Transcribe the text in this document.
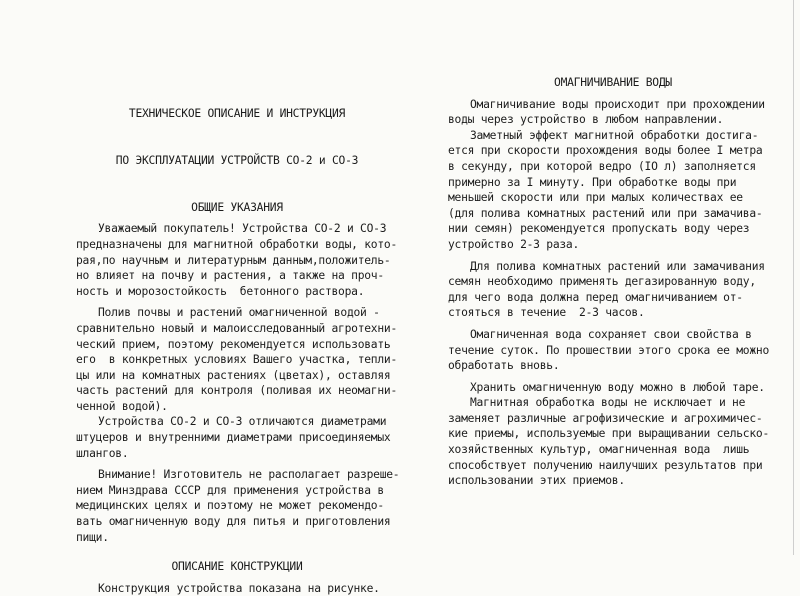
ТЕХНИЧЕСКОЕ ОПИСАНИЕ И ИНСТРУКЦИЯ

ПО ЭКСПЛУАТАЦИИ УСТРОЙСТВ СО-2 и СО-3

ОБЩИЕ УКАЗАНИЯ
Уважаемый покупатель! Устройства СО-2 и СО-3
предназначены для магнитной обработки воды, кото-
рая,по научным и литературным данным,положитель-
но влияет на почву и растения, а также на проч-
ность и морозостойкость  бетонного раствора.
Полив почвы и растений омагниченной водой -
сравнительно новый и малоисследованный агротехни-
ческий прием, поэтому рекомендуется использовать
его  в конкретных условиях Вашего участка, тепли-
цы или на комнатных растениях (цветах), оставляя
часть растений для контроля (поливая их неомагни-
ченной водой).
Устройства СО-2 и СО-3 отличаются диаметрами
штуцеров и внутренними диаметрами присоединяемых
шлангов.
Внимание! Изготовитель не располагает разреше-
нием Минздрава СССР для применения устройства в
медицинских целях и поэтому не может рекомендо-
вать омагниченную воду для питья и приготовления
пищи.
ОПИСАНИЕ КОНСТРУКЦИИ
Конструкция устройства показана на рисунке.
ОМАГНИЧИВАНИЕ ВОДЫ
Омагничивание воды происходит при прохождении
воды через устройство в любом направлении.
Заметный эффект магнитной обработки достига-
ется при скорости прохождения воды более I метра
в секунду, при которой ведро (IO л) заполняется
примерно за I минуту. При обработке воды при
меньшей скорости или при малых количествах ее
(для полива комнатных растений или при замачива-
нии семян) рекомендуется пропускать воду через
устройство 2-3 раза.
Для полива комнатных растений или замачивания
семян необходимо применять дегазированную воду,
для чего вода должна перед омагничиванием от-
стояться в течение  2-3 часов.
Омагниченная вода сохраняет свои свойства в
течение суток. По прошествии этого срока ее можно
обработать вновь.
Хранить омагниченную воду можно в любой таре.
Магнитная обработка воды не исключает и не
заменяет различные агрофизические и агрохимичес-
кие приемы, используемые при выращивании сельско-
хозяйственных культур, омагниченная вода  лишь
способствует получению наилучших результатов при
использовании этих приемов.
